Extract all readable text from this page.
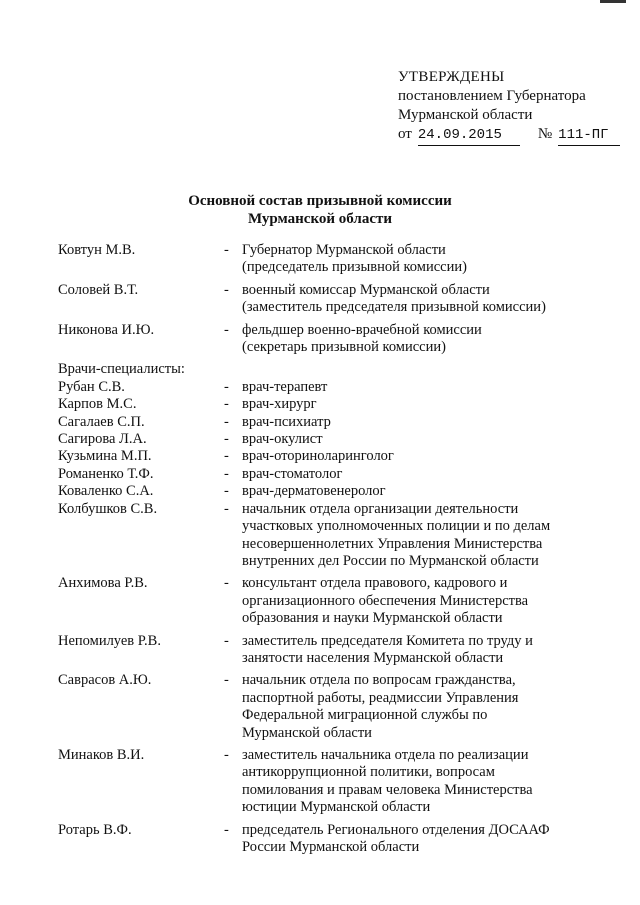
УТВЕРЖДЕНЫ
постановлением Губернатора
Мурманской области
от 24.09.2015	№ 111-ПГ
Основной состав призывной комиссии
Мурманской области
Ковтун М.В.	- Губернатор Мурманской области
(председатель призывной комиссии)
Соловей В.Т.	- военный комиссар Мурманской области
(заместитель председателя призывной комиссии)
Никонова И.Ю.	- фельдшер военно-врачебной комиссии
(секретарь призывной комиссии)
Врачи-специалисты:
Рубан С.В.	- врач-терапевт
Карпов М.С.	- врач-хирург
Сагалаев С.П.	- врач-психиатр
Сагирова Л.А.	- врач-окулист
Кузьмина М.П.	- врач-оториноларинголог
Романенко Т.Ф.	- врач-стоматолог
Коваленко С.А.	- врач-дерматовенеролог
Колбушков С.В.	- начальник отдела организации деятельности
участковых уполномоченных полиции и по делам
несовершеннолетних Управления Министерства
внутренних дел России по Мурманской области
Анхимова Р.В.	- консультант отдела правового, кадрового и
организационного обеспечения Министерства
образования и науки Мурманской области
Непомилуев Р.В.	- заместитель председателя Комитета по труду и
занятости населения Мурманской области
Саврасов А.Ю.	- начальник отдела по вопросам гражданства,
паспортной работы, реадмиссии Управления
Федеральной миграционной службы по
Мурманской области
Минаков В.И.	- заместитель начальника отдела по реализации
антикоррупционной политики, вопросам
помилования и правам человека Министерства
юстиции Мурманской области
Ротарь В.Ф.	- председатель Регионального отделения ДОСААФ
России Мурманской области
